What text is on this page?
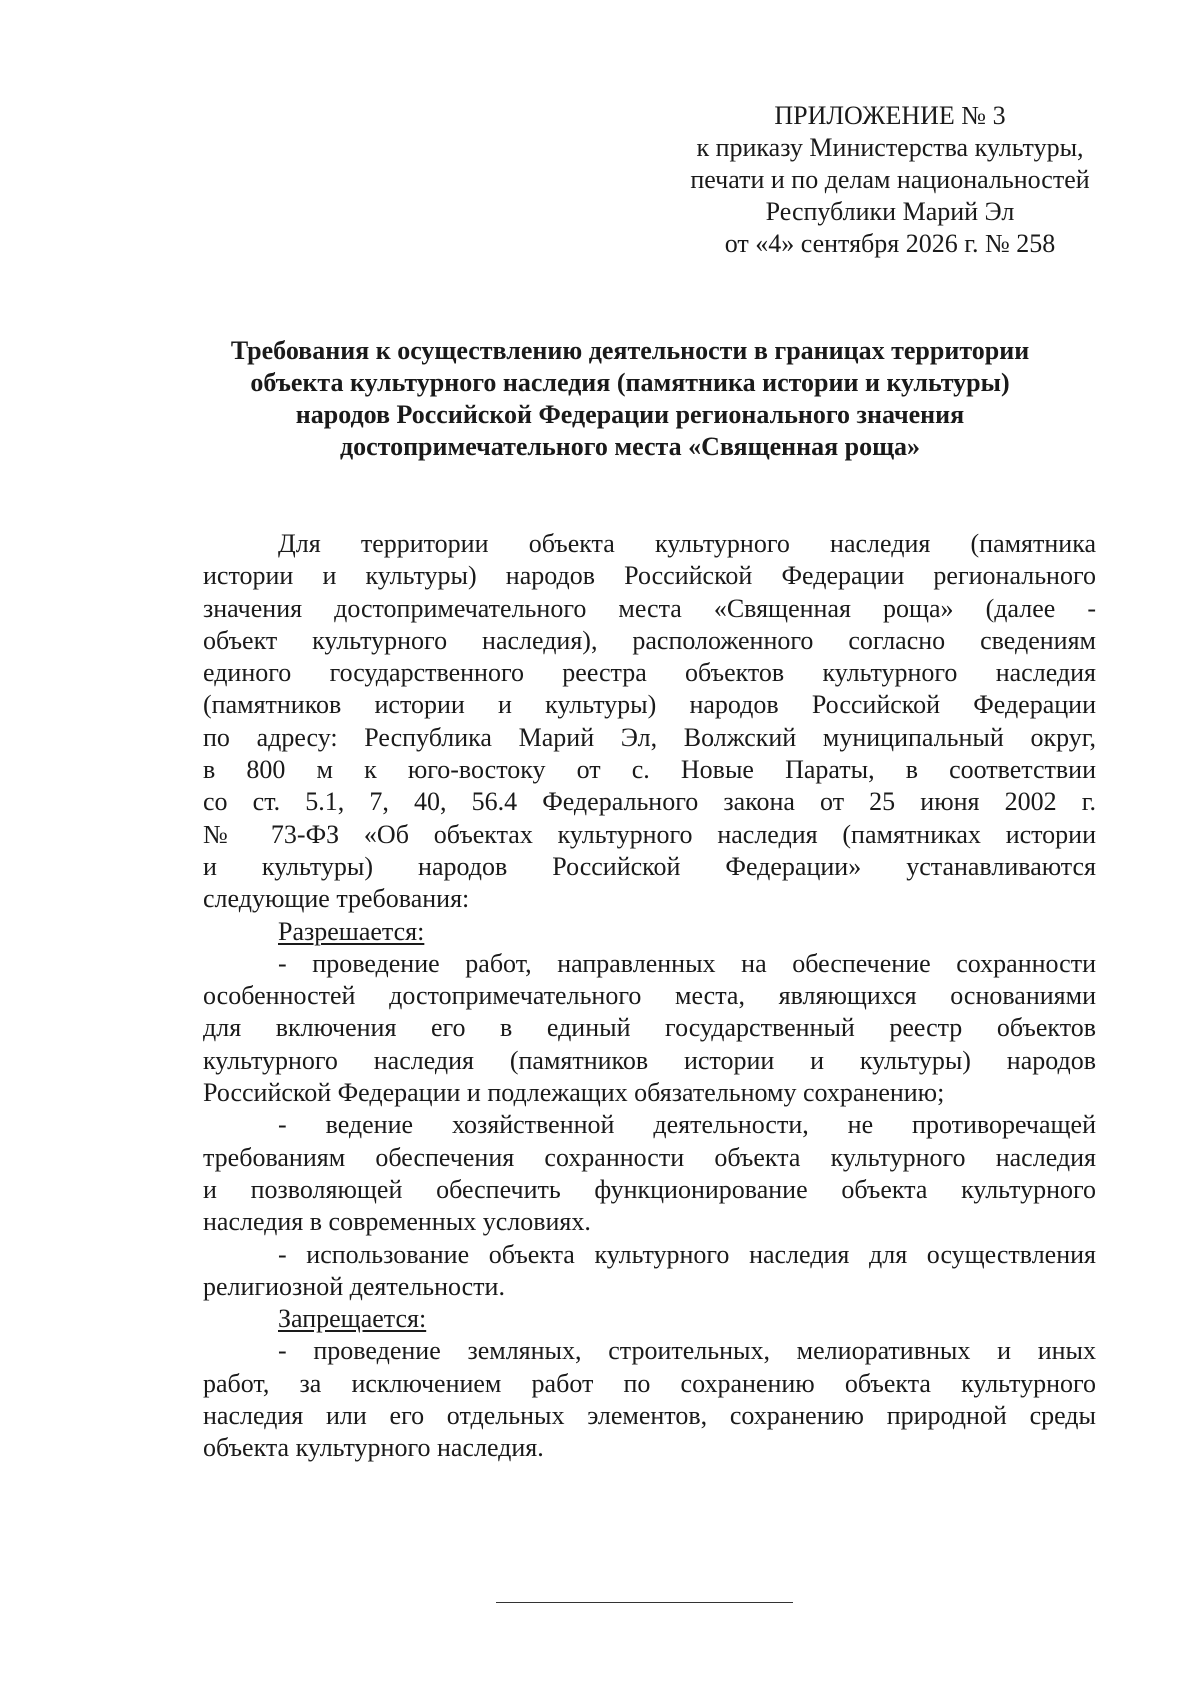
ПРИЛОЖЕНИЕ № 3
к приказу Министерства культуры,
печати и по делам национальностей
Республики Марий Эл
от «4» сентября 2026 г. № 258
Требования к осуществлению деятельности в границах территории
объекта культурного наследия (памятника истории и культуры)
народов Российской Федерации регионального значения
достопримечательного места «Священная роща»
Для территории объекта культурного наследия (памятника
истории и культуры) народов Российской Федерации регионального
значения достопримечательного места «Священная роща» (далее -
объект культурного наследия), расположенного согласно сведениям
единого государственного реестра объектов культурного наследия
(памятников истории и культуры) народов Российской Федерации
по адресу: Республика Марий Эл, Волжский муниципальный округ,
в 800 м к юго-востоку от с. Новые Параты, в соответствии
со ст. 5.1, 7, 40, 56.4 Федерального закона от 25 июня 2002 г.
№ 73-ФЗ «Об объектах культурного наследия (памятниках истории
и культуры) народов Российской Федерации» устанавливаются
следующие требования:
Разрешается:
- проведение работ, направленных на обеспечение сохранности
особенностей достопримечательного места, являющихся основаниями
для включения его в единый государственный реестр объектов
культурного наследия (памятников истории и культуры) народов
Российской Федерации и подлежащих обязательному сохранению;
- ведение хозяйственной деятельности, не противоречащей
требованиям обеспечения сохранности объекта культурного наследия
и позволяющей обеспечить функционирование объекта культурного
наследия в современных условиях.
- использование объекта культурного наследия для осуществления
религиозной деятельности.
Запрещается:
- проведение земляных, строительных, мелиоративных и иных
работ, за исключением работ по сохранению объекта культурного
наследия или его отдельных элементов, сохранению природной среды
объекта культурного наследия.
